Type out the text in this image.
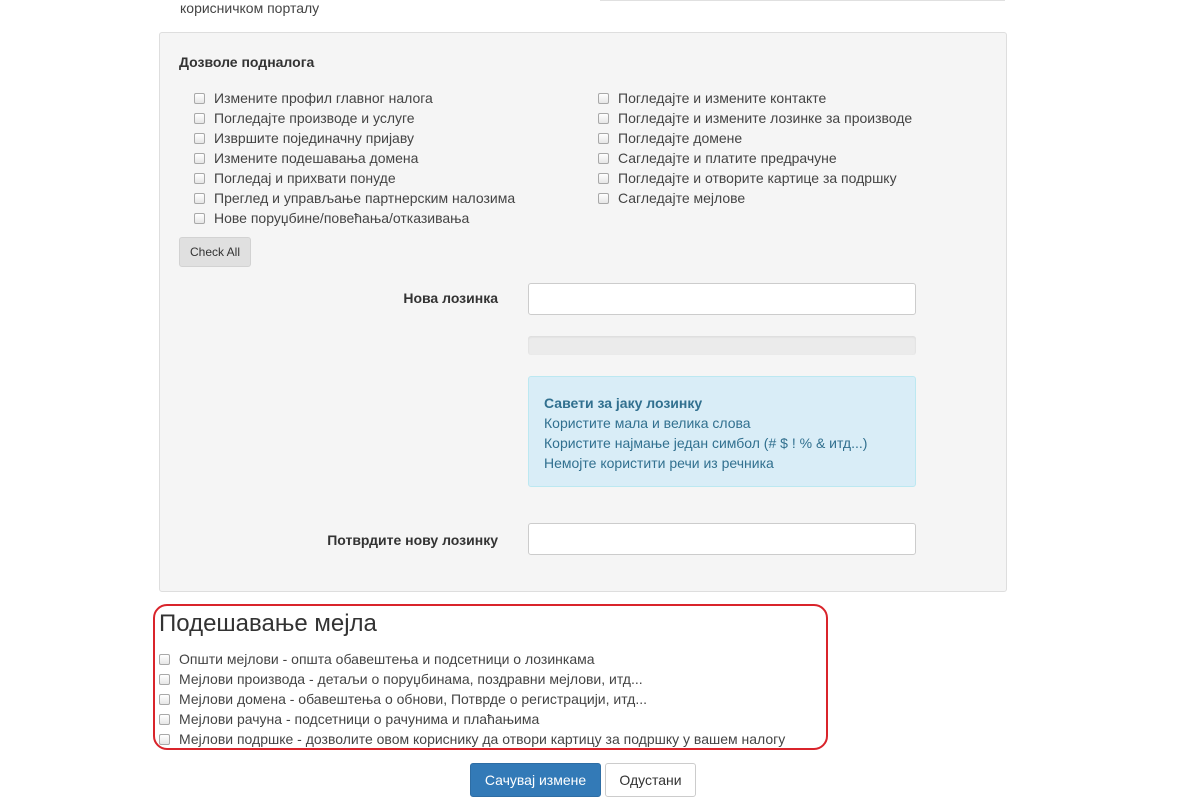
корисничком порталу
Дозволе подналога
Измените профил главног налога
Погледајте производе и услуге
Извршите појединачну пријаву
Измените подешавања домена
Погледај и прихвати понуде
Преглед и управљање партнерским налозима
Нове поруџбине/повећања/отказивања
Погледајте и измените контакте
Погледајте и измените лозинке за производе
Погледајте домене
Сагледајте и платите предрачуне
Погледајте и отворите картице за подршку
Сагледајте мејлове
Check All
Нова лозинка
Савети за јаку лозинку
Користите мала и велика слова
Користите најмање један симбол (# $ ! % & итд...)
Немојте користити речи из речника
Потврдите нову лозинку
Подешавање мејла
Општи мејлови - општа обавештења и подсетници о лозинкама
Мејлови производа - детаљи о поруџбинама, поздравни мејлови, итд...
Мејлови домена - обавештења о обнови, Потврде о регистрацији, итд...
Мејлови рачуна - подсетници о рачунима и плаћањима
Мејлови подршке - дозволите овом кориснику да отвори картицу за подршку у вашем налогу
Сачувај измене	Одустани
